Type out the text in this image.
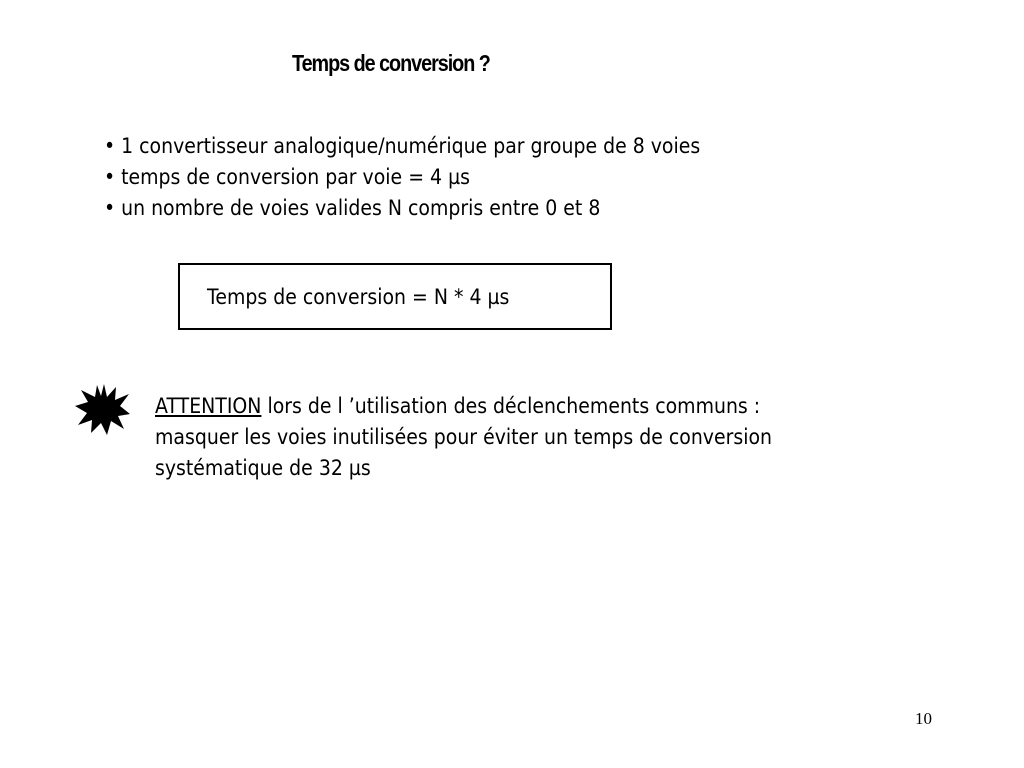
Temps de conversion ?
• 1 convertisseur analogique/numérique par groupe de 8 voies
• temps de conversion par voie = 4 µs
• un nombre de voies valides N compris entre 0 et 8
Temps de conversion = N * 4 µs
ATTENTION lors de l ’utilisation des déclenchements communs :
masquer les voies inutilisées pour éviter un temps de conversion
systématique de 32 µs
10
